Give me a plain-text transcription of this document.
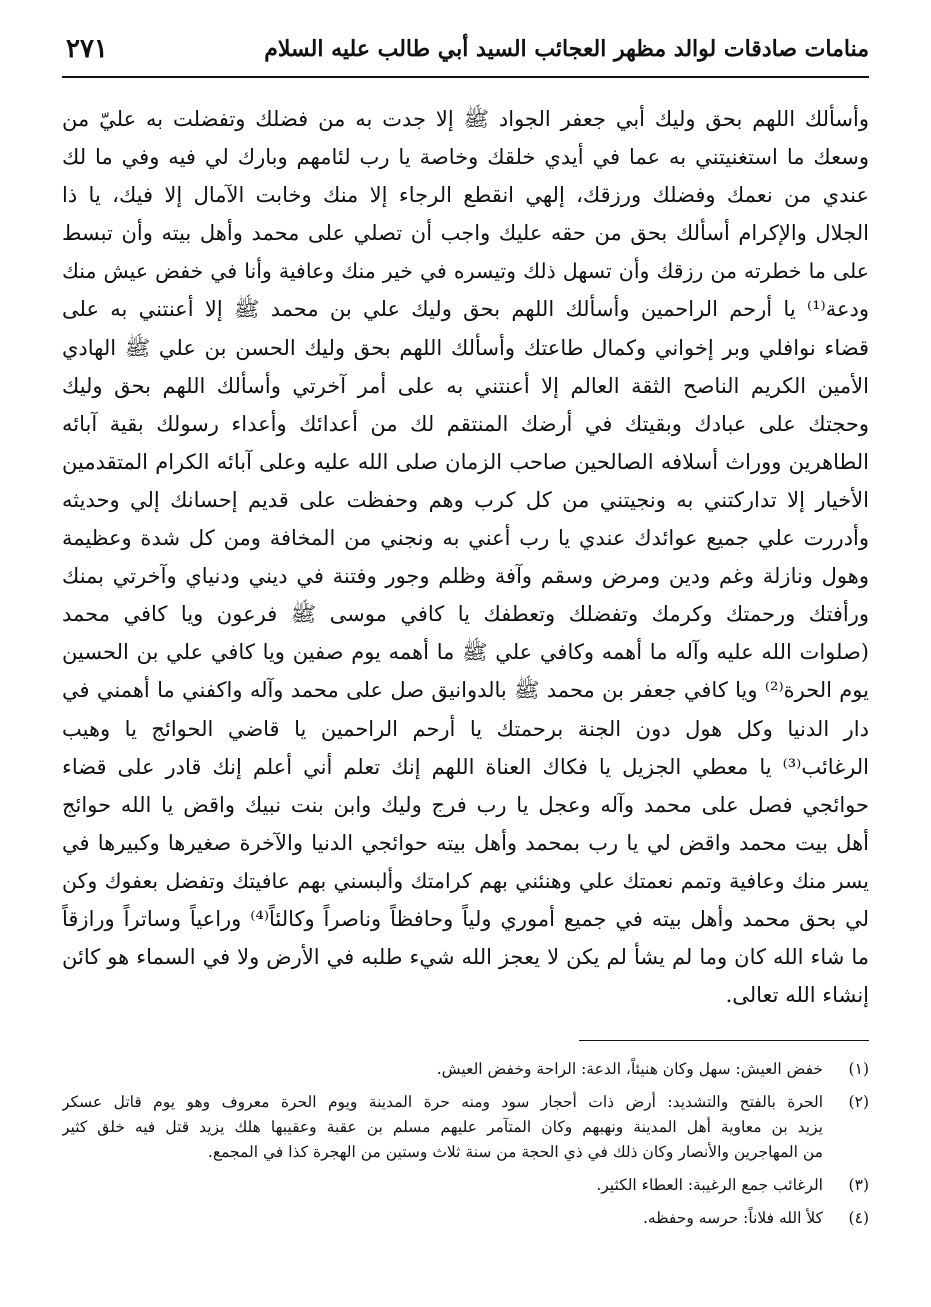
منامات صادقات لوالد مظهر العجائب السيد أبي طالب عليه السلام
٢٧١
وأسألك اللهم بحق وليك أبي جعفر الجواد ﷺ إلا جدت به من فضلك وتفضلت به عليّ من
وسعك ما استغنيتني به عما في أيدي خلقك وخاصة يا رب لئامهم وبارك لي فيه وفي ما لك
عندي من نعمك وفضلك ورزقك، إلهي انقطع الرجاء إلا منك وخابت الآمال إلا فيك، يا ذا
الجلال والإكرام أسألك بحق من حقه عليك واجب أن تصلي على محمد وأهل بيته وأن تبسط
على ما خطرته من رزقك وأن تسهل ذلك وتيسره في خير منك وعافية وأنا في خفض عيش منك
ودعة⁽¹⁾ يا أرحم الراحمين وأسألك اللهم بحق وليك علي بن محمد ﷺ إلا أعنتني به على
قضاء نوافلي وبر إخواني وكمال طاعتك وأسألك اللهم بحق وليك الحسن بن علي ﷺ الهادي
الأمين الكريم الناصح الثقة العالم إلا أعنتني به على أمر آخرتي وأسألك اللهم بحق وليك
وحجتك على عبادك وبقيتك في أرضك المنتقم لك من أعدائك وأعداء رسولك بقية آبائه
الطاهرين ووراث أسلافه الصالحين صاحب الزمان صلى الله عليه وعلى آبائه الكرام المتقدمين
الأخيار إلا تداركتني به ونجيتني من كل كرب وهم وحفظت على قديم إحسانك إلي وحديثه
وأدررت علي جميع عوائدك عندي يا رب أعني به ونجني من المخافة ومن كل شدة وعظيمة
وهول ونازلة وغم ودين ومرض وسقم وآفة وظلم وجور وفتنة في ديني ودنياي وآخرتي بمنك
ورأفتك ورحمتك وكرمك وتفضلك وتعطفك يا كافي موسى ﷺ فرعون ويا كافي محمد
(صلوات الله عليه وآله ما أهمه وكافي علي ﷺ ما أهمه يوم صفين ويا كافي علي بن الحسين
يوم الحرة⁽²⁾ ويا كافي جعفر بن محمد ﷺ بالدوانيق صل على محمد وآله واكفني ما أهمني في
دار الدنيا وكل هول دون الجنة برحمتك يا أرحم الراحمين يا قاضي الحوائج يا وهيب
الرغائب⁽³⁾ يا معطي الجزيل يا فكاك العناة اللهم إنك تعلم أني أعلم إنك قادر على قضاء
حوائجي فصل على محمد وآله وعجل يا رب فرج وليك وابن بنت نبيك واقض يا الله حوائج
أهل بيت محمد واقض لي يا رب بمحمد وأهل بيته حوائجي الدنيا والآخرة صغيرها وكبيرها في
يسر منك وعافية وتمم نعمتك علي وهنئني بهم كرامتك وألبسني بهم عافيتك وتفضل بعفوك وكن
لي بحق محمد وأهل بيته في جميع أموري ولياً وحافظاً وناصراً وكالئاً⁽⁴⁾ وراعياً وساتراً ورازقاً
ما شاء الله كان وما لم يشأ لم يكن لا يعجز الله شيء طلبه في الأرض ولا في السماء هو كائن
إنشاء الله تعالى.
(١)
خفض العيش: سهل وكان هنيئاً، الدعة: الراحة وخفض العيش.
(٢)
الحرة بالفتح والتشديد: أرض ذات أحجار سود ومنه حرة المدينة ويوم الحرة معروف وهو يوم قاتل عسكر
يزيد بن معاوية أهل المدينة ونهبهم وكان المتآمر عليهم مسلم بن عقبة وعقيبها هلك يزيد قتل فيه خلق كثير
من المهاجرين والأنصار وكان ذلك في ذي الحجة من سنة ثلاث وستين من الهجرة كذا في المجمع.
(٣)
الرغائب جمع الرغيبة: العطاء الكثير.
(٤)
كلأ الله فلاناً: حرسه وحفظه.
